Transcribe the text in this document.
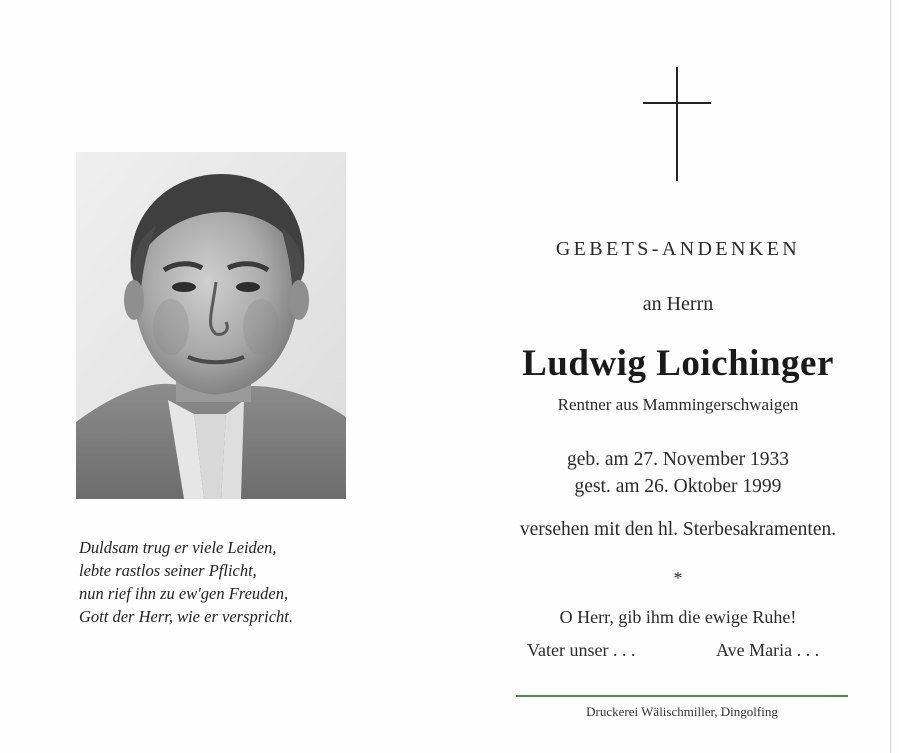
Duldsam trug er viele Leiden,
lebte rastlos seiner Pflicht,
nun rief ihn zu ew'gen Freuden,
Gott der Herr, wie er verspricht.
GEBETS-ANDENKEN
an Herrn
Ludwig Loichinger
Rentner aus Mammingerschwaigen
geb. am 27. November 1933
gest. am 26. Oktober 1999
versehen mit den hl. Sterbesakramenten.
*
O Herr, gib ihm die ewige Ruhe!
Vater unser . . .	Ave Maria . . .
Druckerei Wälischmiller, Dingolfing
